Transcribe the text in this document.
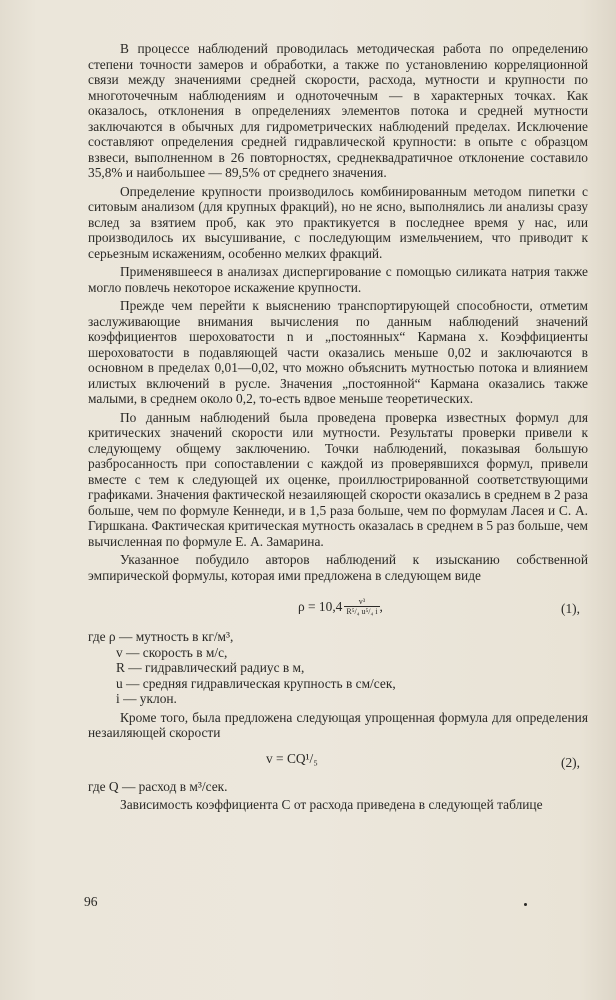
В процессе наблюдений проводилась методическая работа по определению степени точности замеров и обработки, а также по установлению корреляционной связи между значениями средней скорости, расхода, мутности и крупности по многоточечным наблюдениям и одноточечным — в характерных точках. Как оказалось, отклонения в определениях элементов потока и средней мутности заключаются в обычных для гидрометрических наблюдений пределах. Исключение составляют определения средней гидравлической крупности: в опыте с образцом взвеси, выполненном в 26 повторностях, среднеквадратичное отклонение составило 35,8% и наибольшее — 89,5% от среднего значения.

Определение крупности производилось комбинированным методом пипетки с ситовым анализом (для крупных фракций), но не ясно, выполнялись ли анализы сразу вслед за взятием проб, как это практикуется в последнее время у нас, или производилось их высушивание, с последующим измельчением, что приводит к серьезным искажениям, особенно мелких фракций.

Применявшееся в анализах диспергирование с помощью силиката натрия также могло повлечь некоторое искажение крупности.

Прежде чем перейти к выяснению транспортирующей способности, отметим заслуживающие внимания вычисления по данным наблюдений значений коэффициентов шероховатости n и „постоянных“ Кармана x. Коэффициенты шероховатости в подавляющей части оказались меньше 0,02 и заключаются в основном в пределах 0,01—0,02, что можно объяснить мутностью потока и влиянием илистых включений в русле. Значения „постоянной“ Кармана оказались также малыми, в среднем около 0,2, то-есть вдвое меньше теоретических.

По данным наблюдений была проведена проверка известных формул для критических значений скорости или мутности. Результаты проверки привели к следующему общему заключению. Точки наблюдений, показывая большую разбросанность при сопоставлении с каждой из проверявшихся формул, привели вместе с тем к следующей их оценке, проиллюстрированной соответствующими графиками. Значения фактической незаиляющей скорости оказались в среднем в 2 раза больше, чем по формуле Кеннеди, и в 1,5 раза больше, чем по формулам Ласея и С. А. Гиршкана. Фактическая критическая мутность оказалась в среднем в 5 раз больше, чем вычисленная по формуле Е. А. Замарина.

Указанное побудило авторов наблюдений к изысканию собственной эмпирической формулы, которая ими предложена в следующем виде

$\rho = 10,4 \frac{\text{v³}}{\text{R⁵/₄ u⁵/₄ i}}$ ,	(1),
где ρ — мутность в кг/м³,
v — скорость в м/с,
R — гидравлический радиус в м,
u — средняя гидравлическая крупность в см/сек,
i — уклон.

Кроме того, была предложена следующая упрощенная формула для определения незаиляющей скорости

v = CQ¹/₅	(2),
где Q — расход в м³/сек.

Зависимость коэффициента С от расхода приведена в следующей таблице

96
